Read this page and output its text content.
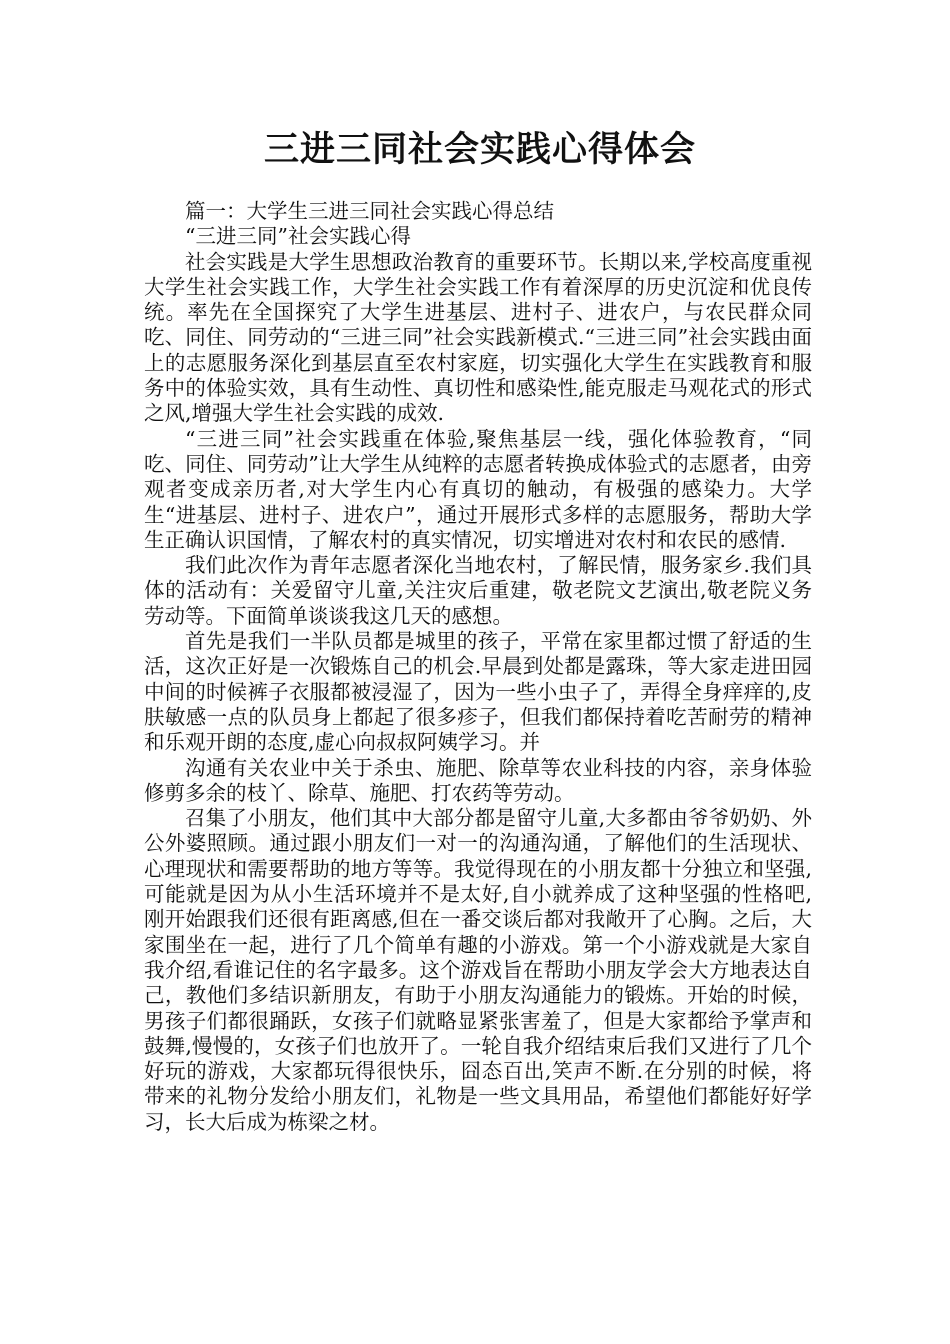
三进三同社会实践心得体会

篇一：大学生三进三同社会实践心得总结

“三进三同”社会实践心得

社会实践是大学生思想政治教育的重要环节。长期以来,学校高度重视大学生社会实践工作，大学生社会实践工作有着深厚的历史沉淀和优良传统。率先在全国探究了大学生进基层、进村子、进农户，与农民群众同吃、同住、同劳动的“三进三同”社会实践新模式.“三进三同”社会实践由面上的志愿服务深化到基层直至农村家庭，切实强化大学生在实践教育和服务中的体验实效，具有生动性、真切性和感染性,能克服走马观花式的形式之风,增强大学生社会实践的成效.

“三进三同”社会实践重在体验,聚焦基层一线，强化体验教育，“同吃、同住、同劳动”让大学生从纯粹的志愿者转换成体验式的志愿者，由旁观者变成亲历者,对大学生内心有真切的触动，有极强的感染力。大学生“进基层、进村子、进农户”，通过开展形式多样的志愿服务，帮助大学生正确认识国情，了解农村的真实情况，切实增进对农村和农民的感情.

我们此次作为青年志愿者深化当地农村，了解民情，服务家乡.我们具体的活动有：关爱留守儿童,关注灾后重建，敬老院文艺演出,敬老院义务劳动等。下面简单谈谈我这几天的感想。

首先是我们一半队员都是城里的孩子，平常在家里都过惯了舒适的生活，这次正好是一次锻炼自己的机会.早晨到处都是露珠，等大家走进田园中间的时候裤子衣服都被浸湿了，因为一些小虫子了，弄得全身痒痒的,皮肤敏感一点的队员身上都起了很多疹子，但我们都保持着吃苦耐劳的精神和乐观开朗的态度,虚心向叔叔阿姨学习。并

沟通有关农业中关于杀虫、施肥、除草等农业科技的内容，亲身体验修剪多余的枝丫、除草、施肥、打农药等劳动。

召集了小朋友，他们其中大部分都是留守儿童,大多都由爷爷奶奶、外公外婆照顾。通过跟小朋友们一对一的沟通沟通，了解他们的生活现状、心理现状和需要帮助的地方等等。我觉得现在的小朋友都十分独立和坚强,可能就是因为从小生活环境并不是太好,自小就养成了这种坚强的性格吧,刚开始跟我们还很有距离感,但在一番交谈后都对我敞开了心胸。之后，大家围坐在一起，进行了几个简单有趣的小游戏。第一个小游戏就是大家自我介绍,看谁记住的名字最多。这个游戏旨在帮助小朋友学会大方地表达自己，教他们多结识新朋友，有助于小朋友沟通能力的锻炼。开始的时候，男孩子们都很踊跃，女孩子们就略显紧张害羞了，但是大家都给予掌声和鼓舞,慢慢的，女孩子们也放开了。一轮自我介绍结束后我们又进行了几个好玩的游戏，大家都玩得很快乐，囧态百出,笑声不断.在分别的时候，将带来的礼物分发给小朋友们，礼物是一些文具用品，希望他们都能好好学习，长大后成为栋梁之材。
